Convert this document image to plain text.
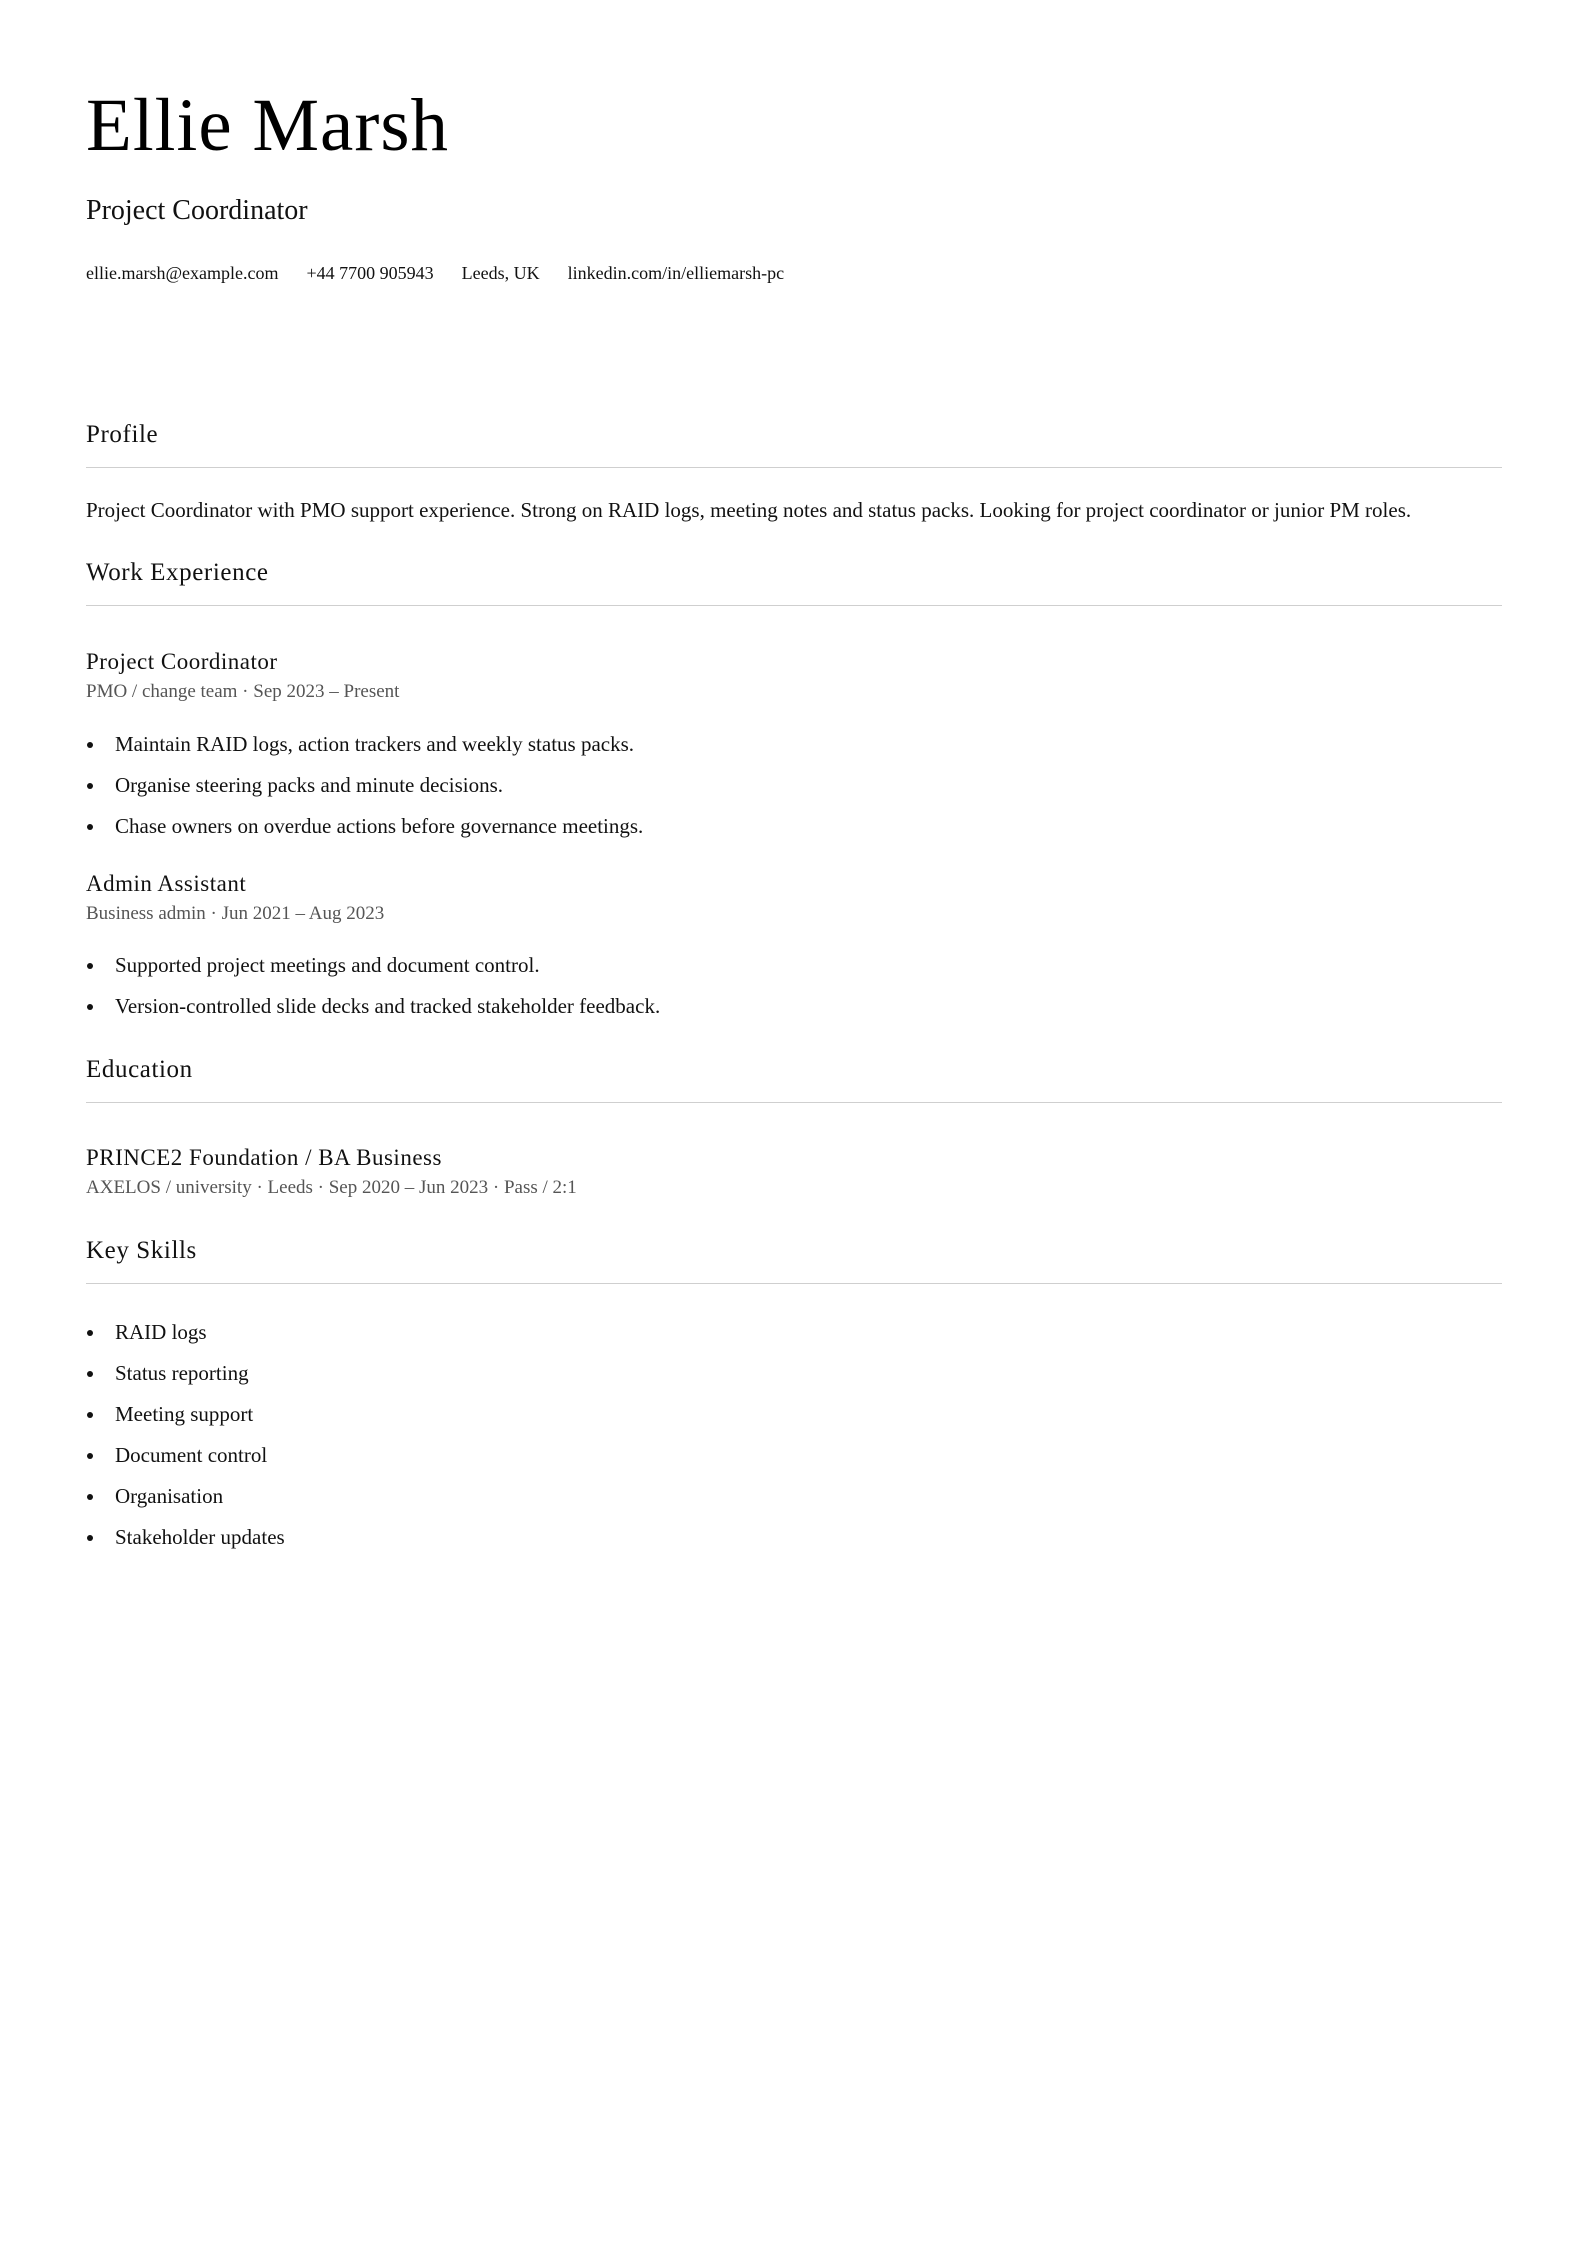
Ellie Marsh
Project Coordinator
ellie.marsh@example.com +44 7700 905943 Leeds, UK linkedin.com/in/elliemarsh-pc
Profile
Project Coordinator with PMO support experience. Strong on RAID logs, meeting notes and status packs. Looking for project coordinator or junior PM roles.
Work Experience
Project Coordinator
PMO / change team · Sep 2023 – Present
Maintain RAID logs, action trackers and weekly status packs.
Organise steering packs and minute decisions.
Chase owners on overdue actions before governance meetings.
Admin Assistant
Business admin · Jun 2021 – Aug 2023
Supported project meetings and document control.
Version-controlled slide decks and tracked stakeholder feedback.
Education
PRINCE2 Foundation / BA Business
AXELOS / university · Leeds · Sep 2020 – Jun 2023 · Pass / 2:1
Key Skills
RAID logs
Status reporting
Meeting support
Document control
Organisation
Stakeholder updates
